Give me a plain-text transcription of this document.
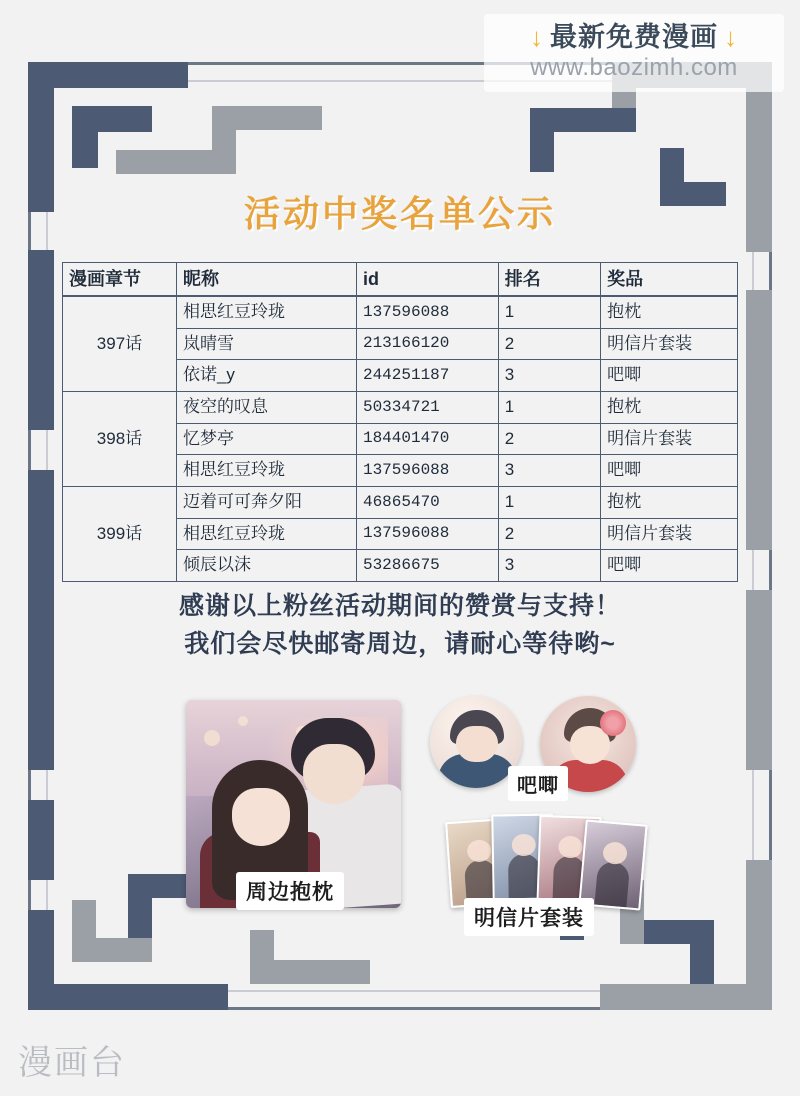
活动中奖名单公示
漫画章节	昵称	id	排名	奖品
397话	相思红豆玲珑	137596088	1	抱枕
	岚晴雪	213166120	2	明信片套装
	依诺_y	244251187	3	吧唧
398话	夜空的叹息	50334721	1	抱枕
	忆梦亭	184401470	2	明信片套装
	相思红豆玲珑	137596088	3	吧唧
399话	迈着可可奔夕阳	46865470	1	抱枕
	相思红豆玲珑	137596088	2	明信片套装
	倾辰以沫	53286675	3	吧唧
感谢以上粉丝活动期间的赞赏与支持！
我们会尽快邮寄周边，请耐心等待哟~
周边抱枕
吧唧
明信片套装
↓ 最新免费漫画 ↓
www.baozimh.com
漫画台
